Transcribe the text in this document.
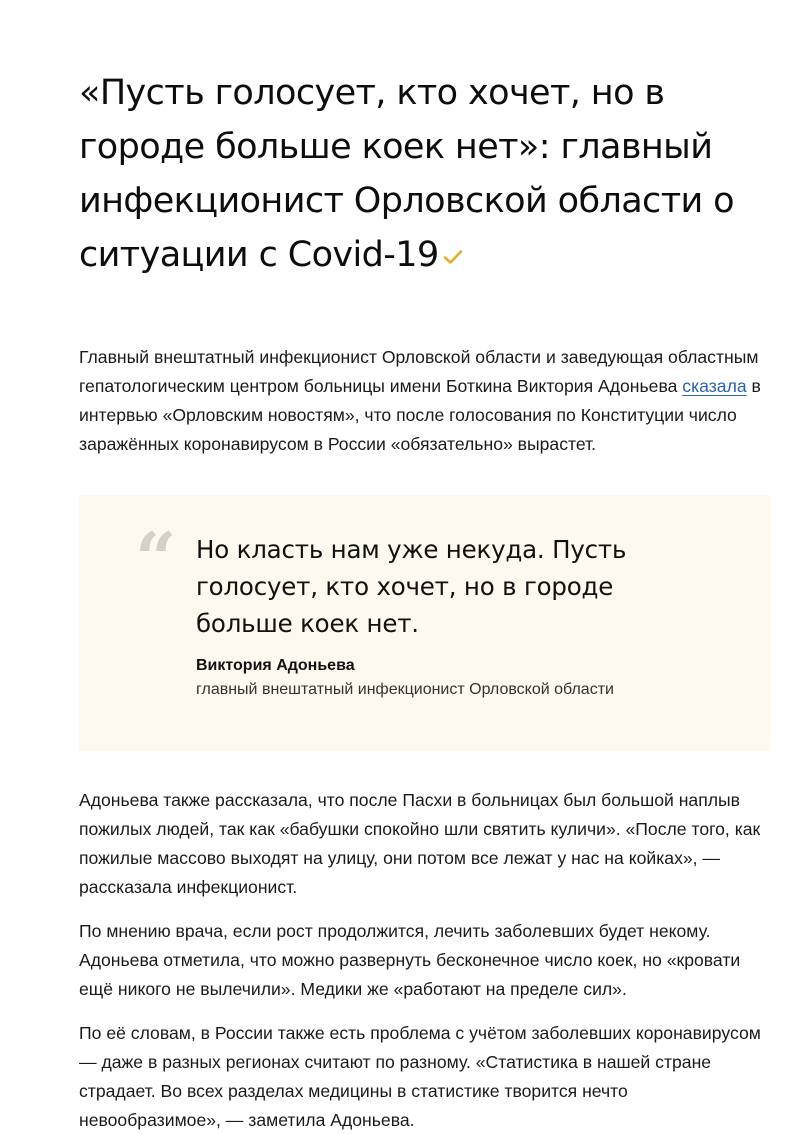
«Пусть голосует, кто хочет, но в городе больше коек нет»: главный инфекционист Орловской области о ситуации с Covid-19

Главный внештатный инфекционист Орловской области и заведующая областным гепатологическим центром больницы имени Боткина Виктория Адоньева сказала в интервью «Орловским новостям», что после голосования по Конституции число заражённых коронавирусом в России «обязательно» вырастет.

“ Но класть нам уже некуда. Пусть голосует, кто хочет, но в городе больше коек нет.

Виктория Адоньева
главный внештатный инфекционист Орловской области

Адоньева также рассказала, что после Пасхи в больницах был большой наплыв пожилых людей, так как «бабушки спокойно шли святить куличи». «После того, как пожилые массово выходят на улицу, они потом все лежат у нас на койках», — рассказала инфекционист.

По мнению врача, если рост продолжится, лечить заболевших будет некому. Адоньева отметила, что можно развернуть бесконечное число коек, но «кровати ещё никого не вылечили». Медики же «работают на пределе сил».

По её словам, в России также есть проблема с учётом заболевших коронавирусом — даже в разных регионах считают по разному. «Статистика в нашей стране страдает. Во всех разделах медицины в статистике творится нечто невообразимое», — заметила Адоньева.
